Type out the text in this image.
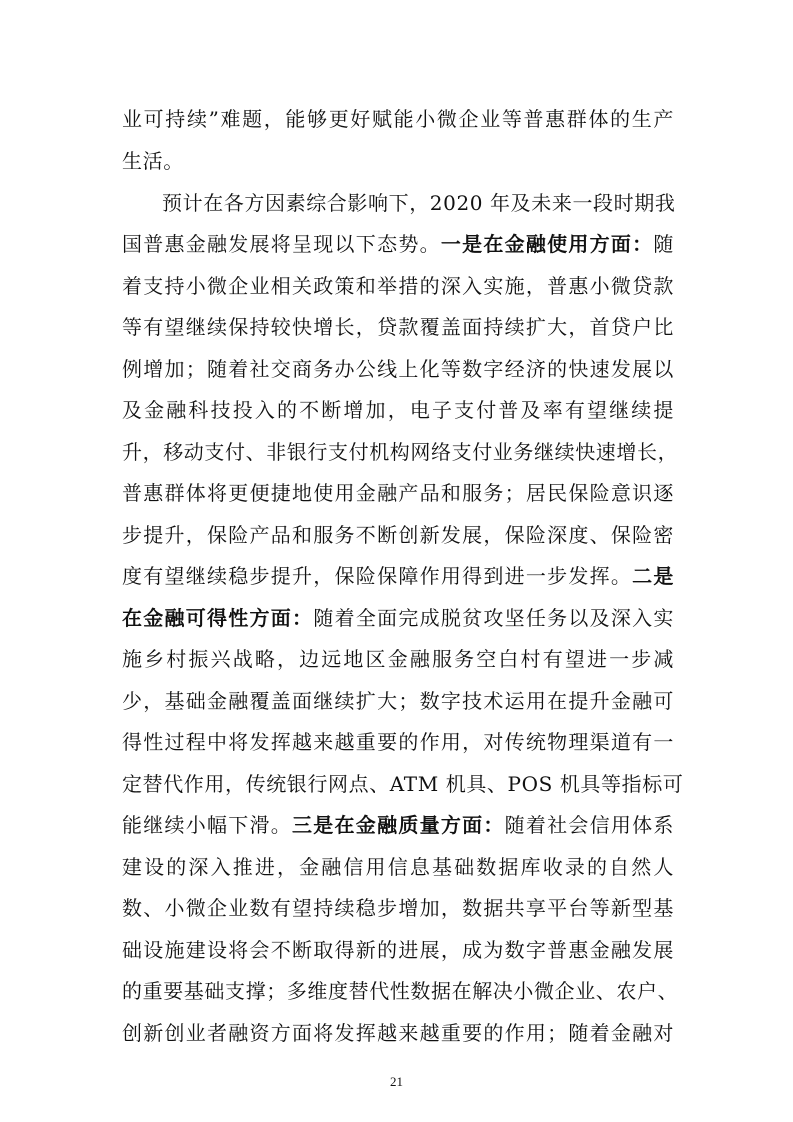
业可持续”难题，能够更好赋能小微企业等普惠群体的生产
生活。
预计在各方因素综合影响下，2020 年及未来一段时期我
国普惠金融发展将呈现以下态势。一是在金融使用方面：随
着支持小微企业相关政策和举措的深入实施，普惠小微贷款
等有望继续保持较快增长，贷款覆盖面持续扩大，首贷户比
例增加；随着社交商务办公线上化等数字经济的快速发展以
及金融科技投入的不断增加，电子支付普及率有望继续提
升，移动支付、非银行支付机构网络支付业务继续快速增长，
普惠群体将更便捷地使用金融产品和服务；居民保险意识逐
步提升，保险产品和服务不断创新发展，保险深度、保险密
度有望继续稳步提升，保险保障作用得到进一步发挥。二是
在金融可得性方面：随着全面完成脱贫攻坚任务以及深入实
施乡村振兴战略，边远地区金融服务空白村有望进一步减
少，基础金融覆盖面继续扩大；数字技术运用在提升金融可
得性过程中将发挥越来越重要的作用，对传统物理渠道有一
定替代作用，传统银行网点、ATM 机具、POS 机具等指标可
能继续小幅下滑。三是在金融质量方面：随着社会信用体系
建设的深入推进，金融信用信息基础数据库收录的自然人
数、小微企业数有望持续稳步增加，数据共享平台等新型基
础设施建设将会不断取得新的进展，成为数字普惠金融发展
的重要基础支撑；多维度替代性数据在解决小微企业、农户、
创新创业者融资方面将发挥越来越重要的作用；随着金融对
21
